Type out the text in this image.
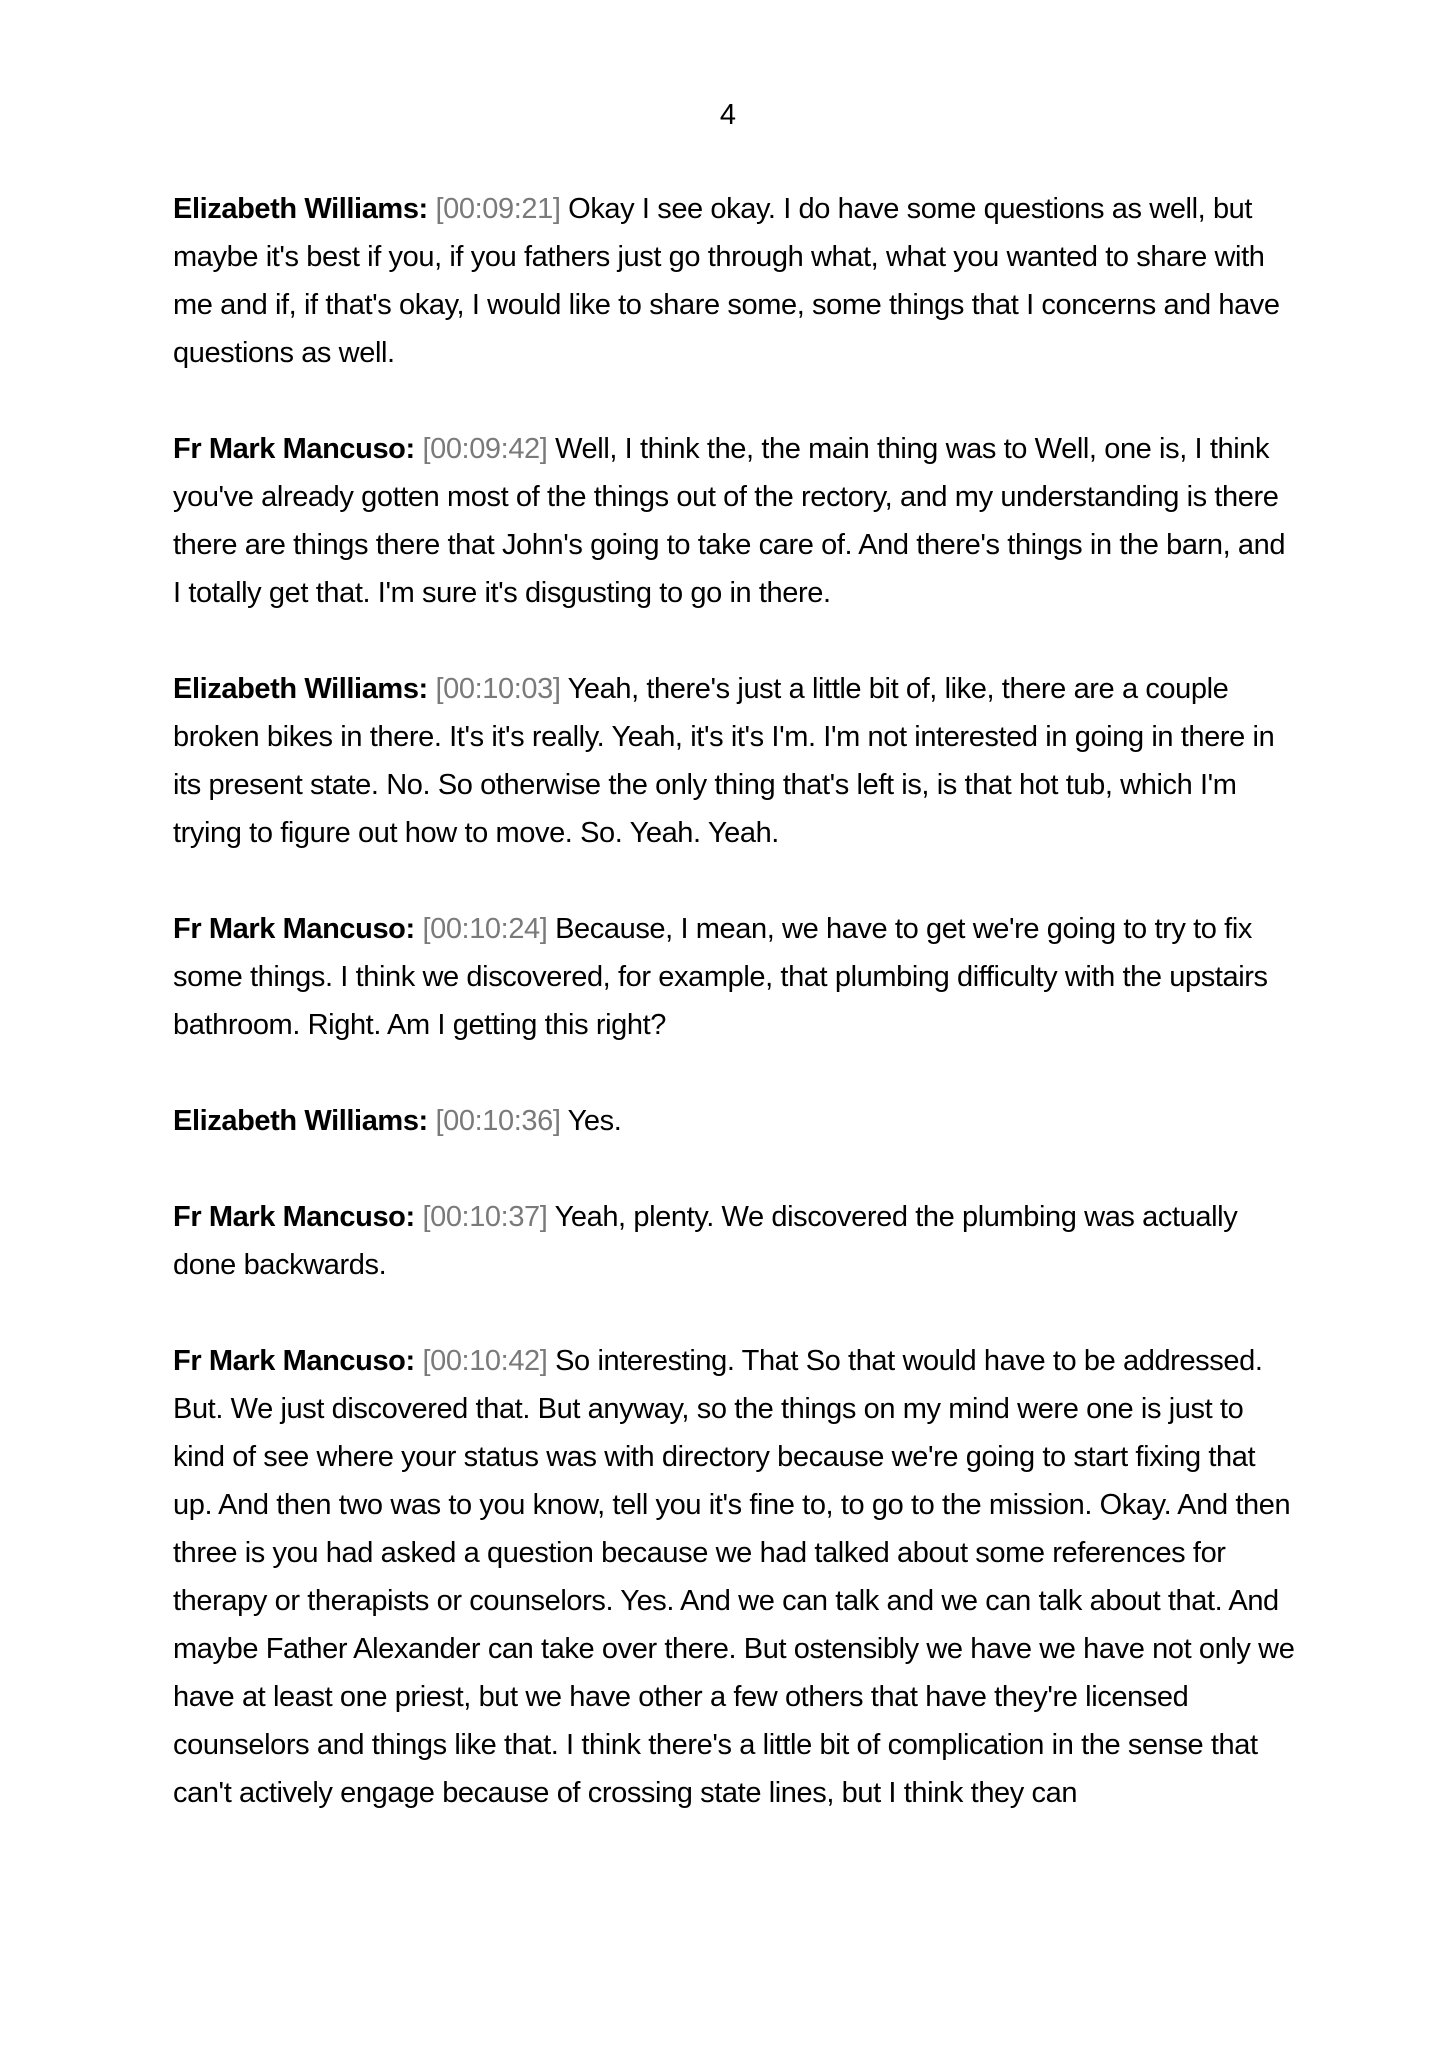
4

Elizabeth Williams: [00:09:21] Okay I see okay. I do have some questions as well, but maybe it's best if you, if you fathers just go through what, what you wanted to share with me and if, if that's okay, I would like to share some, some things that I concerns and have questions as well.

Fr Mark Mancuso: [00:09:42] Well, I think the, the main thing was to Well, one is, I think you've already gotten most of the things out of the rectory, and my understanding is there there are things there that John's going to take care of. And there's things in the barn, and I totally get that. I'm sure it's disgusting to go in there.

Elizabeth Williams: [00:10:03] Yeah, there's just a little bit of, like, there are a couple broken bikes in there. It's it's really. Yeah, it's it's I'm. I'm not interested in going in there in its present state. No. So otherwise the only thing that's left is, is that hot tub, which I'm trying to figure out how to move. So. Yeah. Yeah.

Fr Mark Mancuso: [00:10:24] Because, I mean, we have to get we're going to try to fix some things. I think we discovered, for example, that plumbing difficulty with the upstairs bathroom. Right. Am I getting this right?

Elizabeth Williams: [00:10:36] Yes.

Fr Mark Mancuso: [00:10:37] Yeah, plenty. We discovered the plumbing was actually done backwards.

Fr Mark Mancuso: [00:10:42] So interesting. That So that would have to be addressed. But. We just discovered that. But anyway, so the things on my mind were one is just to kind of see where your status was with directory because we're going to start fixing that up. And then two was to you know, tell you it's fine to, to go to the mission. Okay. And then three is you had asked a question because we had talked about some references for therapy or therapists or counselors. Yes. And we can talk and we can talk about that. And maybe Father Alexander can take over there. But ostensibly we have we have not only we have at least one priest, but we have other a few others that have they're licensed counselors and things like that. I think there's a little bit of complication in the sense that can't actively engage because of crossing state lines, but I think they can
